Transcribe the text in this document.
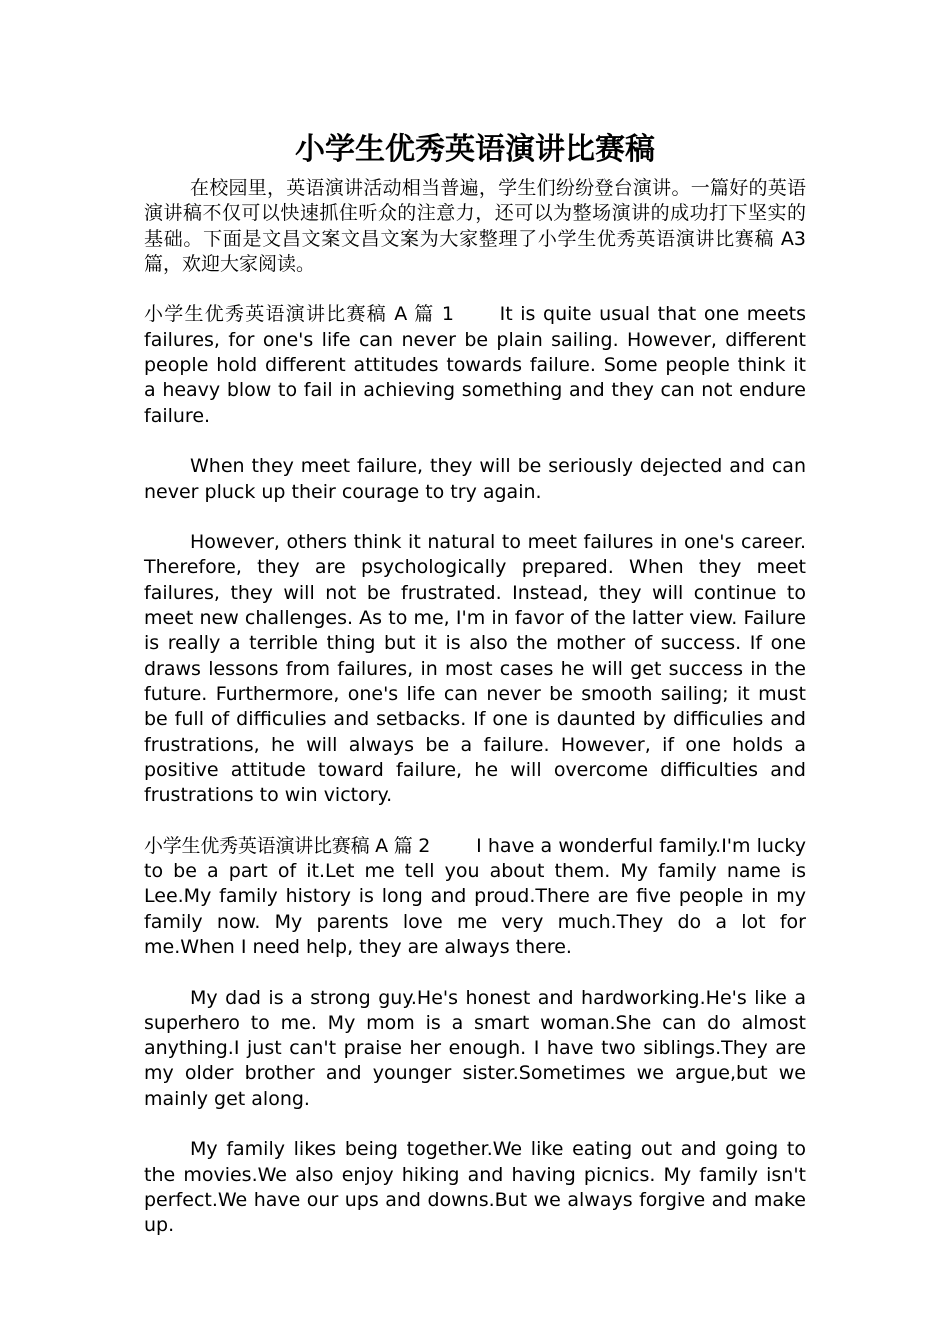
小学生优秀英语演讲比赛稿

在校园里，英语演讲活动相当普遍，学生们纷纷登台演讲。一篇好的英语演讲稿不仅可以快速抓住听众的注意力，还可以为整场演讲的成功打下坚实的基础。下面是文昌文案文昌文案为大家整理了小学生优秀英语演讲比赛稿 A3 篇，欢迎大家阅读。

小学生优秀英语演讲比赛稿 A 篇 1 It is quite usual that one meets failures, for one's life can never be plain sailing. However, different people hold different attitudes towards failure. Some people think it a heavy blow to fail in achieving something and they can not endure failure.

When they meet failure, they will be seriously dejected and can never pluck up their courage to try again.

However, others think it natural to meet failures in one's career. Therefore, they are psychologically prepared. When they meet failures, they will not be frustrated. Instead, they will continue to meet new challenges. As to me, I'm in favor of the latter view. Failure is really a terrible thing but it is also the mother of success. If one draws lessons from failures, in most cases he will get success in the future. Furthermore, one's life can never be smooth sailing; it must be full of difficulies and setbacks. If one is daunted by difficulies and frustrations, he will always be a failure. However, if one holds a positive attitude toward failure, he will overcome difficulties and frustrations to win victory.

小学生优秀英语演讲比赛稿 A 篇 2 I have a wonderful family.I'm lucky to be a part of it.Let me tell you about them. My family name is Lee.My family history is long and proud.There are five people in my family now. My parents love me very much.They do a lot for me.When I need help, they are always there.

My dad is a strong guy.He's honest and hardworking.He's like a superhero to me. My mom is a smart woman.She can do almost anything.I just can't praise her enough. I have two siblings.They are my older brother and younger sister.Sometimes we argue,but we mainly get along.

My family likes being together.We like eating out and going to the movies.We also enjoy hiking and having picnics. My family isn't perfect.We have our ups and downs.But we always forgive and make up.
